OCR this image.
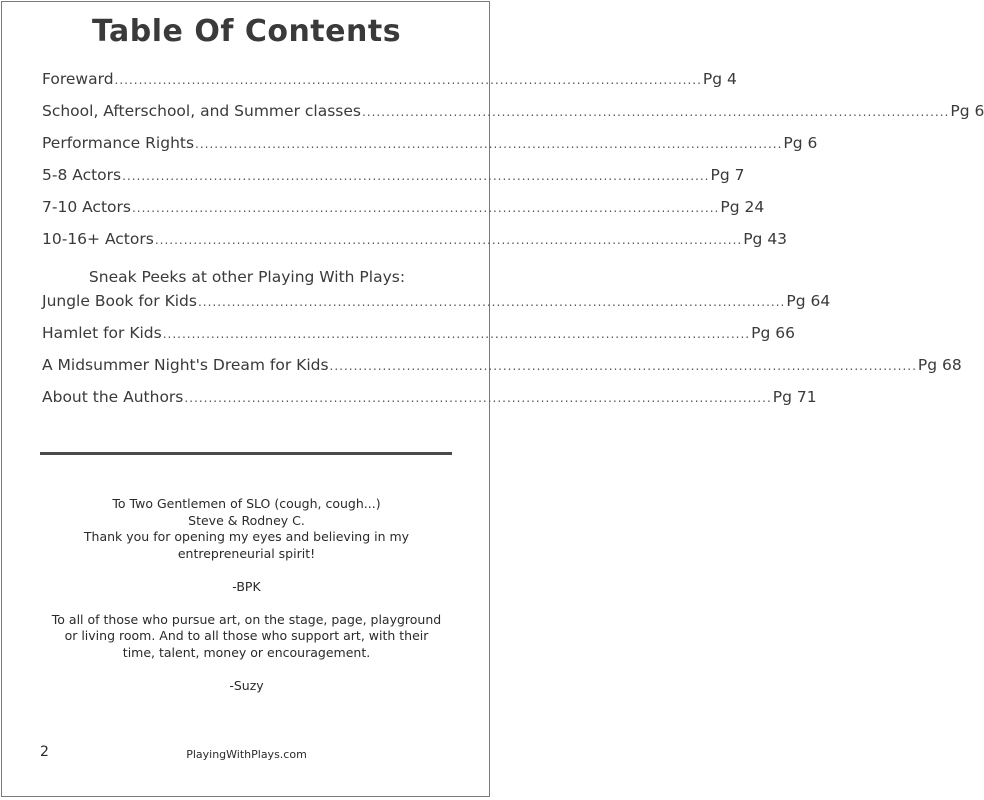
Table Of Contents
Foreward .......................................................................................................................... Pg 4
School, Afterschool, and Summer classes .......................................................................................................................... Pg 6
Performance Rights .......................................................................................................................... Pg 6
5-8 Actors .......................................................................................................................... Pg 7
7-10 Actors .......................................................................................................................... Pg 24
10-16+ Actors .......................................................................................................................... Pg 43
Sneak Peeks at other Playing With Plays:
Jungle Book for Kids .......................................................................................................................... Pg 64
Hamlet for Kids .......................................................................................................................... Pg 66
A Midsummer Night's Dream for Kids .......................................................................................................................... Pg 68
About the Authors .......................................................................................................................... Pg 71
To Two Gentlemen of SLO (cough, cough...)
Steve & Rodney C.
Thank you for opening my eyes and believing in my
entrepreneurial spirit!
-BPK
To all of those who pursue art, on the stage, page, playground
or living room. And to all those who support art, with their
time, talent, money or encouragement.
-Suzy
2	PlayingWithPlays.com
